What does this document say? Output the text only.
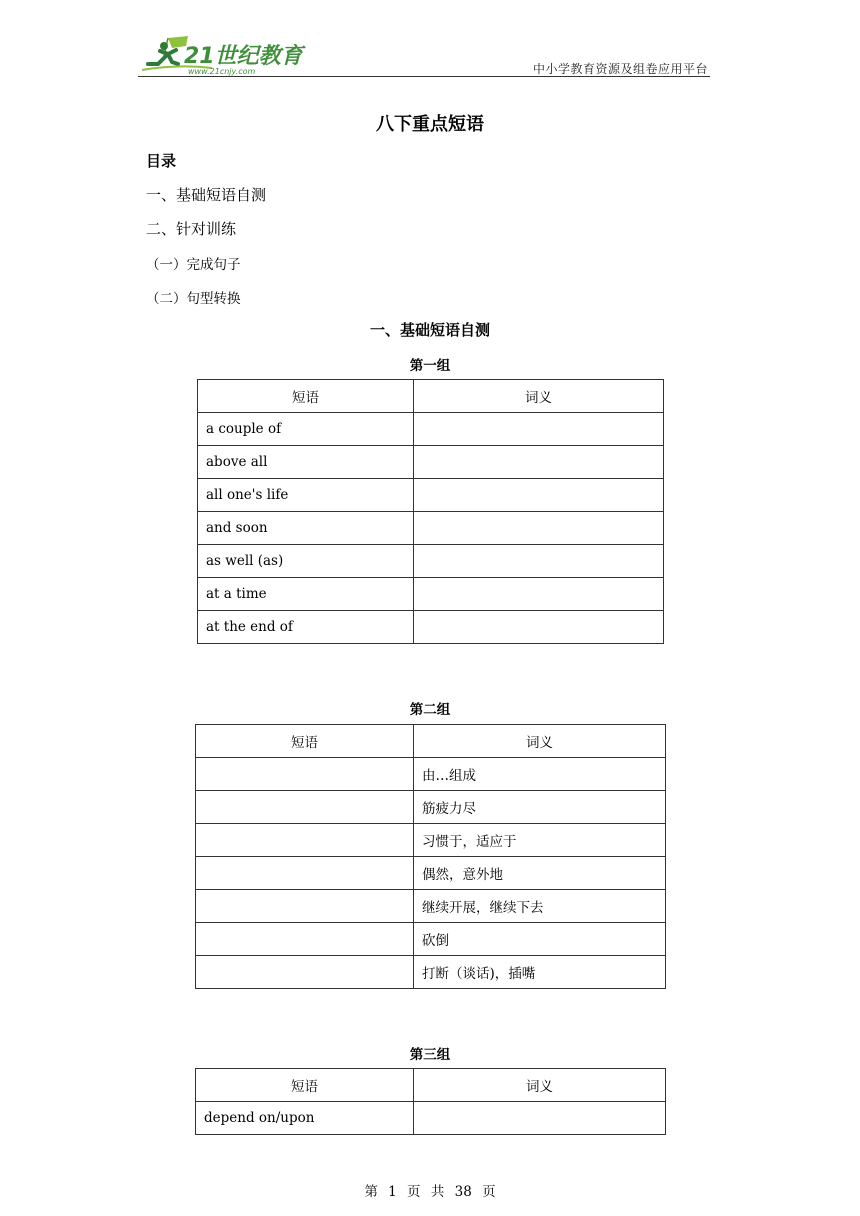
21世纪教育
www.21cnjy.com	中小学教育资源及组卷应用平台
八下重点短语
目录
一、基础短语自测
二、针对训练
（一）完成句子
（二）句型转换
一、基础短语自测
第一组
短语	词义
a couple of	
above all	
all one's life	
and soon	
as well (as)	
at a time	
at the end of	
第二组
短语	词义
	由…组成
	筋疲力尽
	习惯于，适应于
	偶然，意外地
	继续开展，继续下去
	砍倒
	打断（谈话)，插嘴
第三组
短语	词义
depend on/upon	
第 1 页 共 38 页
